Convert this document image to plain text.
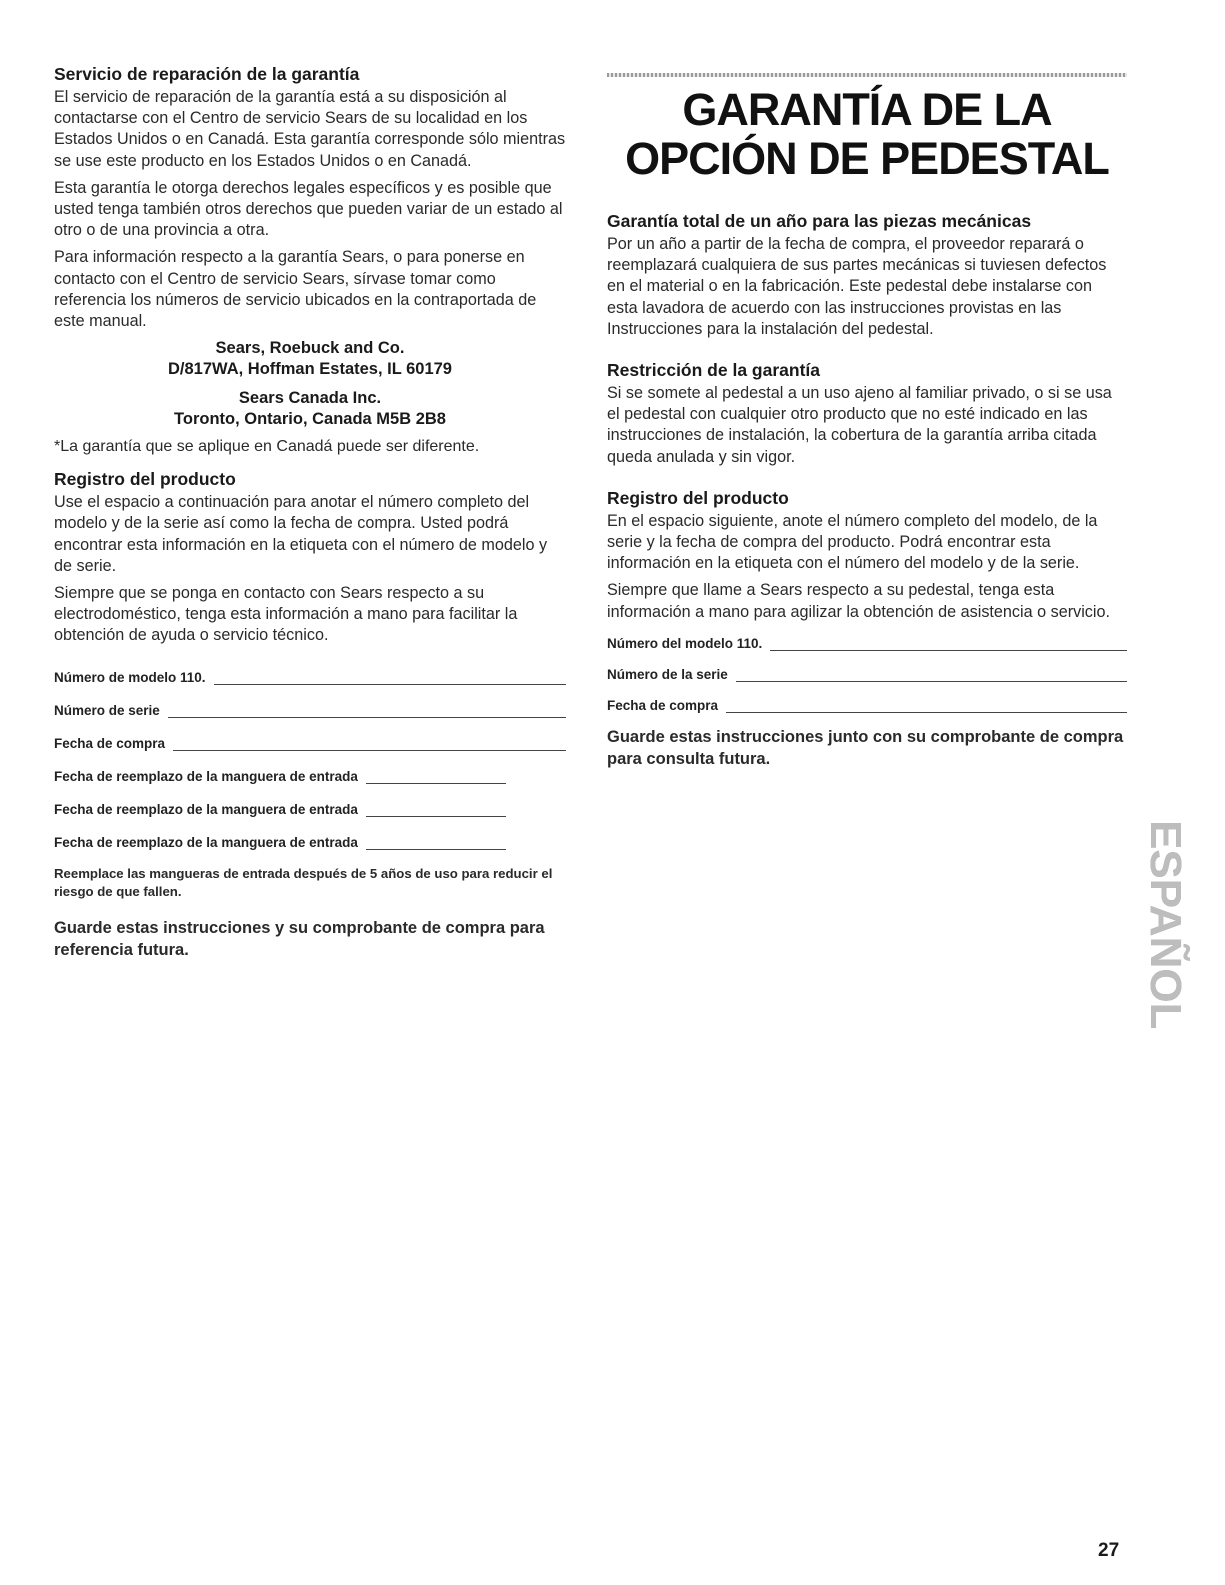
Servicio de reparación de la garantía

El servicio de reparación de la garantía está a su disposición al contactarse con el Centro de servicio Sears de su localidad en los Estados Unidos o en Canadá. Esta garantía corresponde sólo mientras se use este producto en los Estados Unidos o en Canadá.

Esta garantía le otorga derechos legales específicos y es posible que usted tenga también otros derechos que pueden variar de un estado al otro o de una provincia a otra.

Para información respecto a la garantía Sears, o para ponerse en contacto con el Centro de servicio Sears, sírvase tomar como referencia los números de servicio ubicados en la contraportada de este manual.

Sears, Roebuck and Co.
D/817WA, Hoffman Estates, IL 60179
Sears Canada Inc.
Toronto, Ontario, Canada M5B 2B8

*La garantía que se aplique en Canadá puede ser diferente.

Registro del producto

Use el espacio a continuación para anotar el número completo del modelo y de la serie así como la fecha de compra. Usted podrá encontrar esta información en la etiqueta con el número de modelo y de serie.

Siempre que se ponga en contacto con Sears respecto a su electrodoméstico, tenga esta información a mano para facilitar la obtención de ayuda o servicio técnico.

Número de modelo 110.
Número de serie
Fecha de compra
Fecha de reemplazo de la manguera de entrada
Fecha de reemplazo de la manguera de entrada
Fecha de reemplazo de la manguera de entrada

Reemplace las mangueras de entrada después de 5 años de uso para reducir el riesgo de que fallen.

Guarde estas instrucciones y su comprobante de compra para referencia futura.

GARANTÍA DE LA OPCIÓN DE PEDESTAL
Garantía total de un año para las piezas mecánicas

Por un año a partir de la fecha de compra, el proveedor reparará o reemplazará cualquiera de sus partes mecánicas si tuviesen defectos en el material o en la fabricación. Este pedestal debe instalarse con esta lavadora de acuerdo con las instrucciones provistas en las Instrucciones para la instalación del pedestal.

Restricción de la garantía

Si se somete al pedestal a un uso ajeno al familiar privado, o si se usa el pedestal con cualquier otro producto que no esté indicado en las instrucciones de instalación, la cobertura de la garantía arriba citada queda anulada y sin vigor.

Registro del producto

En el espacio siguiente, anote el número completo del modelo, de la serie y la fecha de compra del producto. Podrá encontrar esta información en la etiqueta con el número del modelo y de la serie.

Siempre que llame a Sears respecto a su pedestal, tenga esta información a mano para agilizar la obtención de asistencia o servicio.

Número del modelo 110.
Número de la serie
Fecha de compra

Guarde estas instrucciones junto con su comprobante de compra para consulta futura.

ESPAÑOL
27
